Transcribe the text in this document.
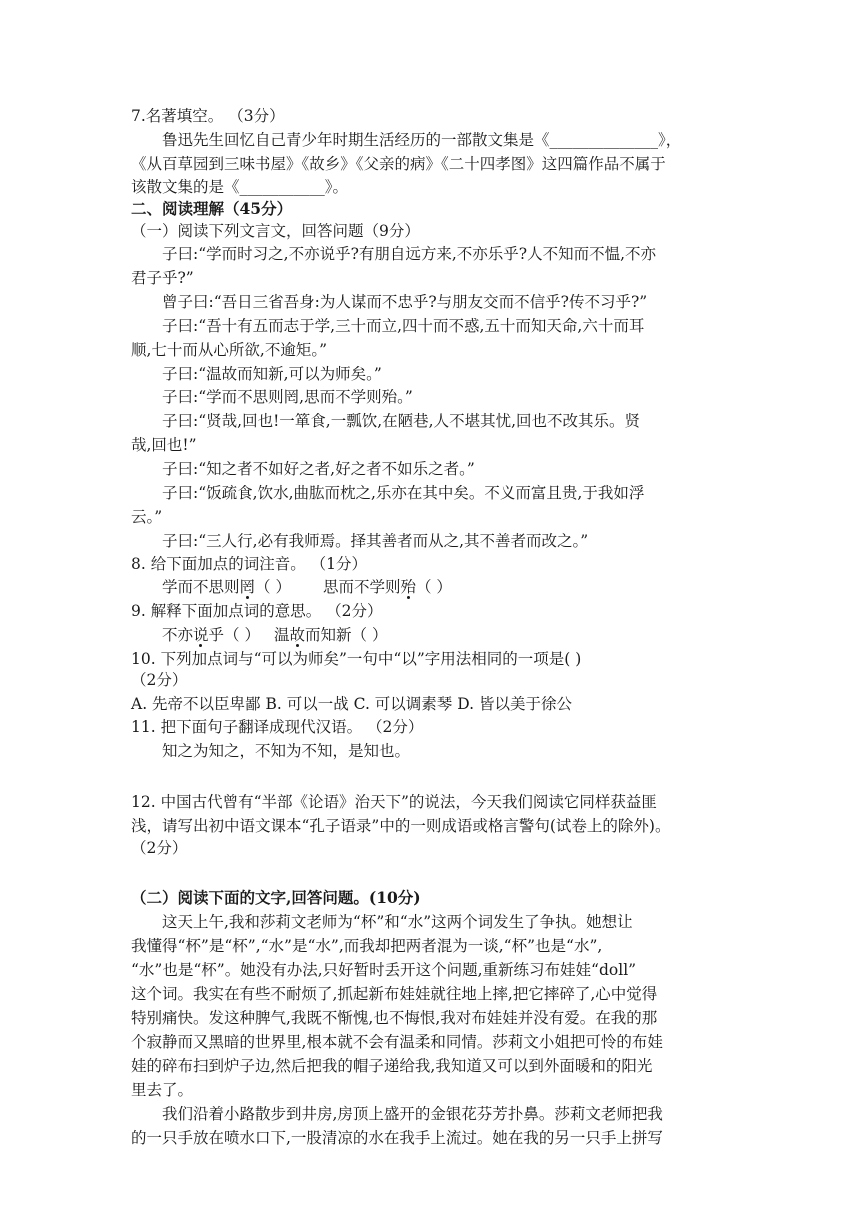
7.名著填空。 （3分）
鲁迅先生回忆自己青少年时期生活经历的一部散文集是《______________》，
《从百草园到三味书屋》《故乡》《父亲的病》《二十四孝图》这四篇作品不属于
该散文集的是《___________》。
二、阅读理解（45分）
（一）阅读下列文言文，回答问题（9分）
子曰:“学而时习之,不亦说乎?有朋自远方来,不亦乐乎?人不知而不愠,不亦
君子乎?”
曾子曰:“吾日三省吾身:为人谋而不忠乎?与朋友交而不信乎?传不习乎?”
子曰:“吾十有五而志于学,三十而立,四十而不惑,五十而知天命,六十而耳
顺,七十而从心所欲,不逾矩。”
子曰:“温故而知新,可以为师矣。”
子曰:“学而不思则罔,思而不学则殆。”
子曰:“贤哉,回也!一箪食,一瓢饮,在陋巷,人不堪其忧,回也不改其乐。贤
哉,回也!”
子曰:“知之者不如好之者,好之者不如乐之者。”
子曰:“饭疏食,饮水,曲肱而枕之,乐亦在其中矣。不义而富且贵,于我如浮
云。”
子曰:“三人行,必有我师焉。择其善者而从之,其不善者而改之。”
8. 给下面加点的词注音。 （1分）
学而不思则罔（ ） 思而不学则殆（ ）
9. 解释下面加点词的意思。 （2分）
不亦说乎（ ） 温故而知新（ ）
10. 下列加点词与“可以为师矣”一句中“以”字用法相同的一项是( )
（2分）
A. 先帝不以臣卑鄙 B. 可以一战 C. 可以调素琴 D. 皆以美于徐公
11. 把下面句子翻译成现代汉语。 （2分）
知之为知之，不知为不知，是知也。
12. 中国古代曾有“半部《论语》治天下”的说法，今天我们阅读它同样获益匪
浅，请写出初中语文课本“孔子语录”中的一则成语或格言警句(试卷上的除外)。
（2分）
（二）阅读下面的文字,回答问题。(10分)
这天上午,我和莎莉文老师为“杯”和“水”这两个词发生了争执。她想让
我懂得“杯”是“杯”,“水”是“水”,而我却把两者混为一谈,“杯”也是“水”,
“水”也是“杯”。她没有办法,只好暂时丢开这个问题,重新练习布娃娃“doll”
这个词。我实在有些不耐烦了,抓起新布娃娃就往地上摔,把它摔碎了,心中觉得
特别痛快。发这种脾气,我既不惭愧,也不悔恨,我对布娃娃并没有爱。在我的那
个寂静而又黑暗的世界里,根本就不会有温柔和同情。莎莉文小姐把可怜的布娃
娃的碎布扫到炉子边,然后把我的帽子递给我,我知道又可以到外面暖和的阳光
里去了。
我们沿着小路散步到井房,房顶上盛开的金银花芬芳扑鼻。莎莉文老师把我
的一只手放在喷水口下,一股清凉的水在我手上流过。她在我的另一只手上拼写
